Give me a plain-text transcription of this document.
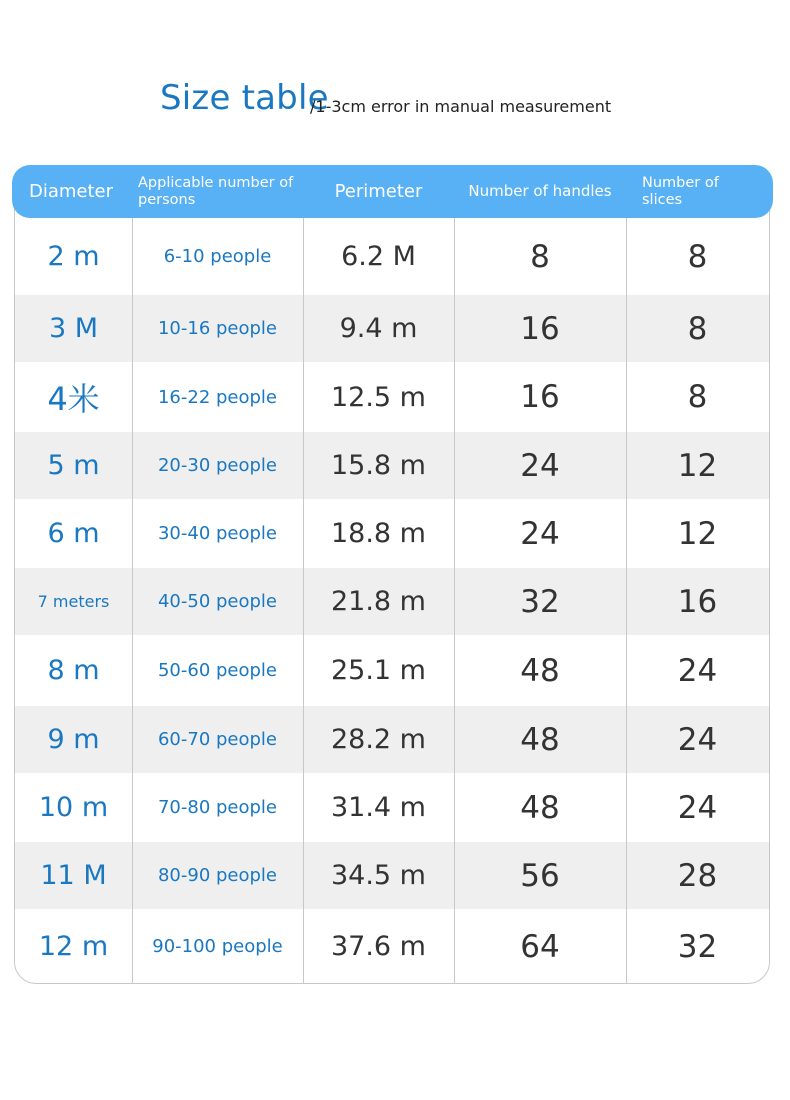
Size table
/1-3cm error in manual measurement
Diameter	Applicable number of persons	Perimeter	Number of handles	Number of slices
2 m	6-10 people	6.2 M	8	8
3 M	10-16 people	9.4 m	16	8
4米	16-22 people	12.5 m	16	8
5 m	20-30 people	15.8 m	24	12
6 m	30-40 people	18.8 m	24	12
7 meters	40-50 people	21.8 m	32	16
8 m	50-60 people	25.1 m	48	24
9 m	60-70 people	28.2 m	48	24
10 m	70-80 people	31.4 m	48	24
11 M	80-90 people	34.5 m	56	28
12 m	90-100 people	37.6 m	64	32
